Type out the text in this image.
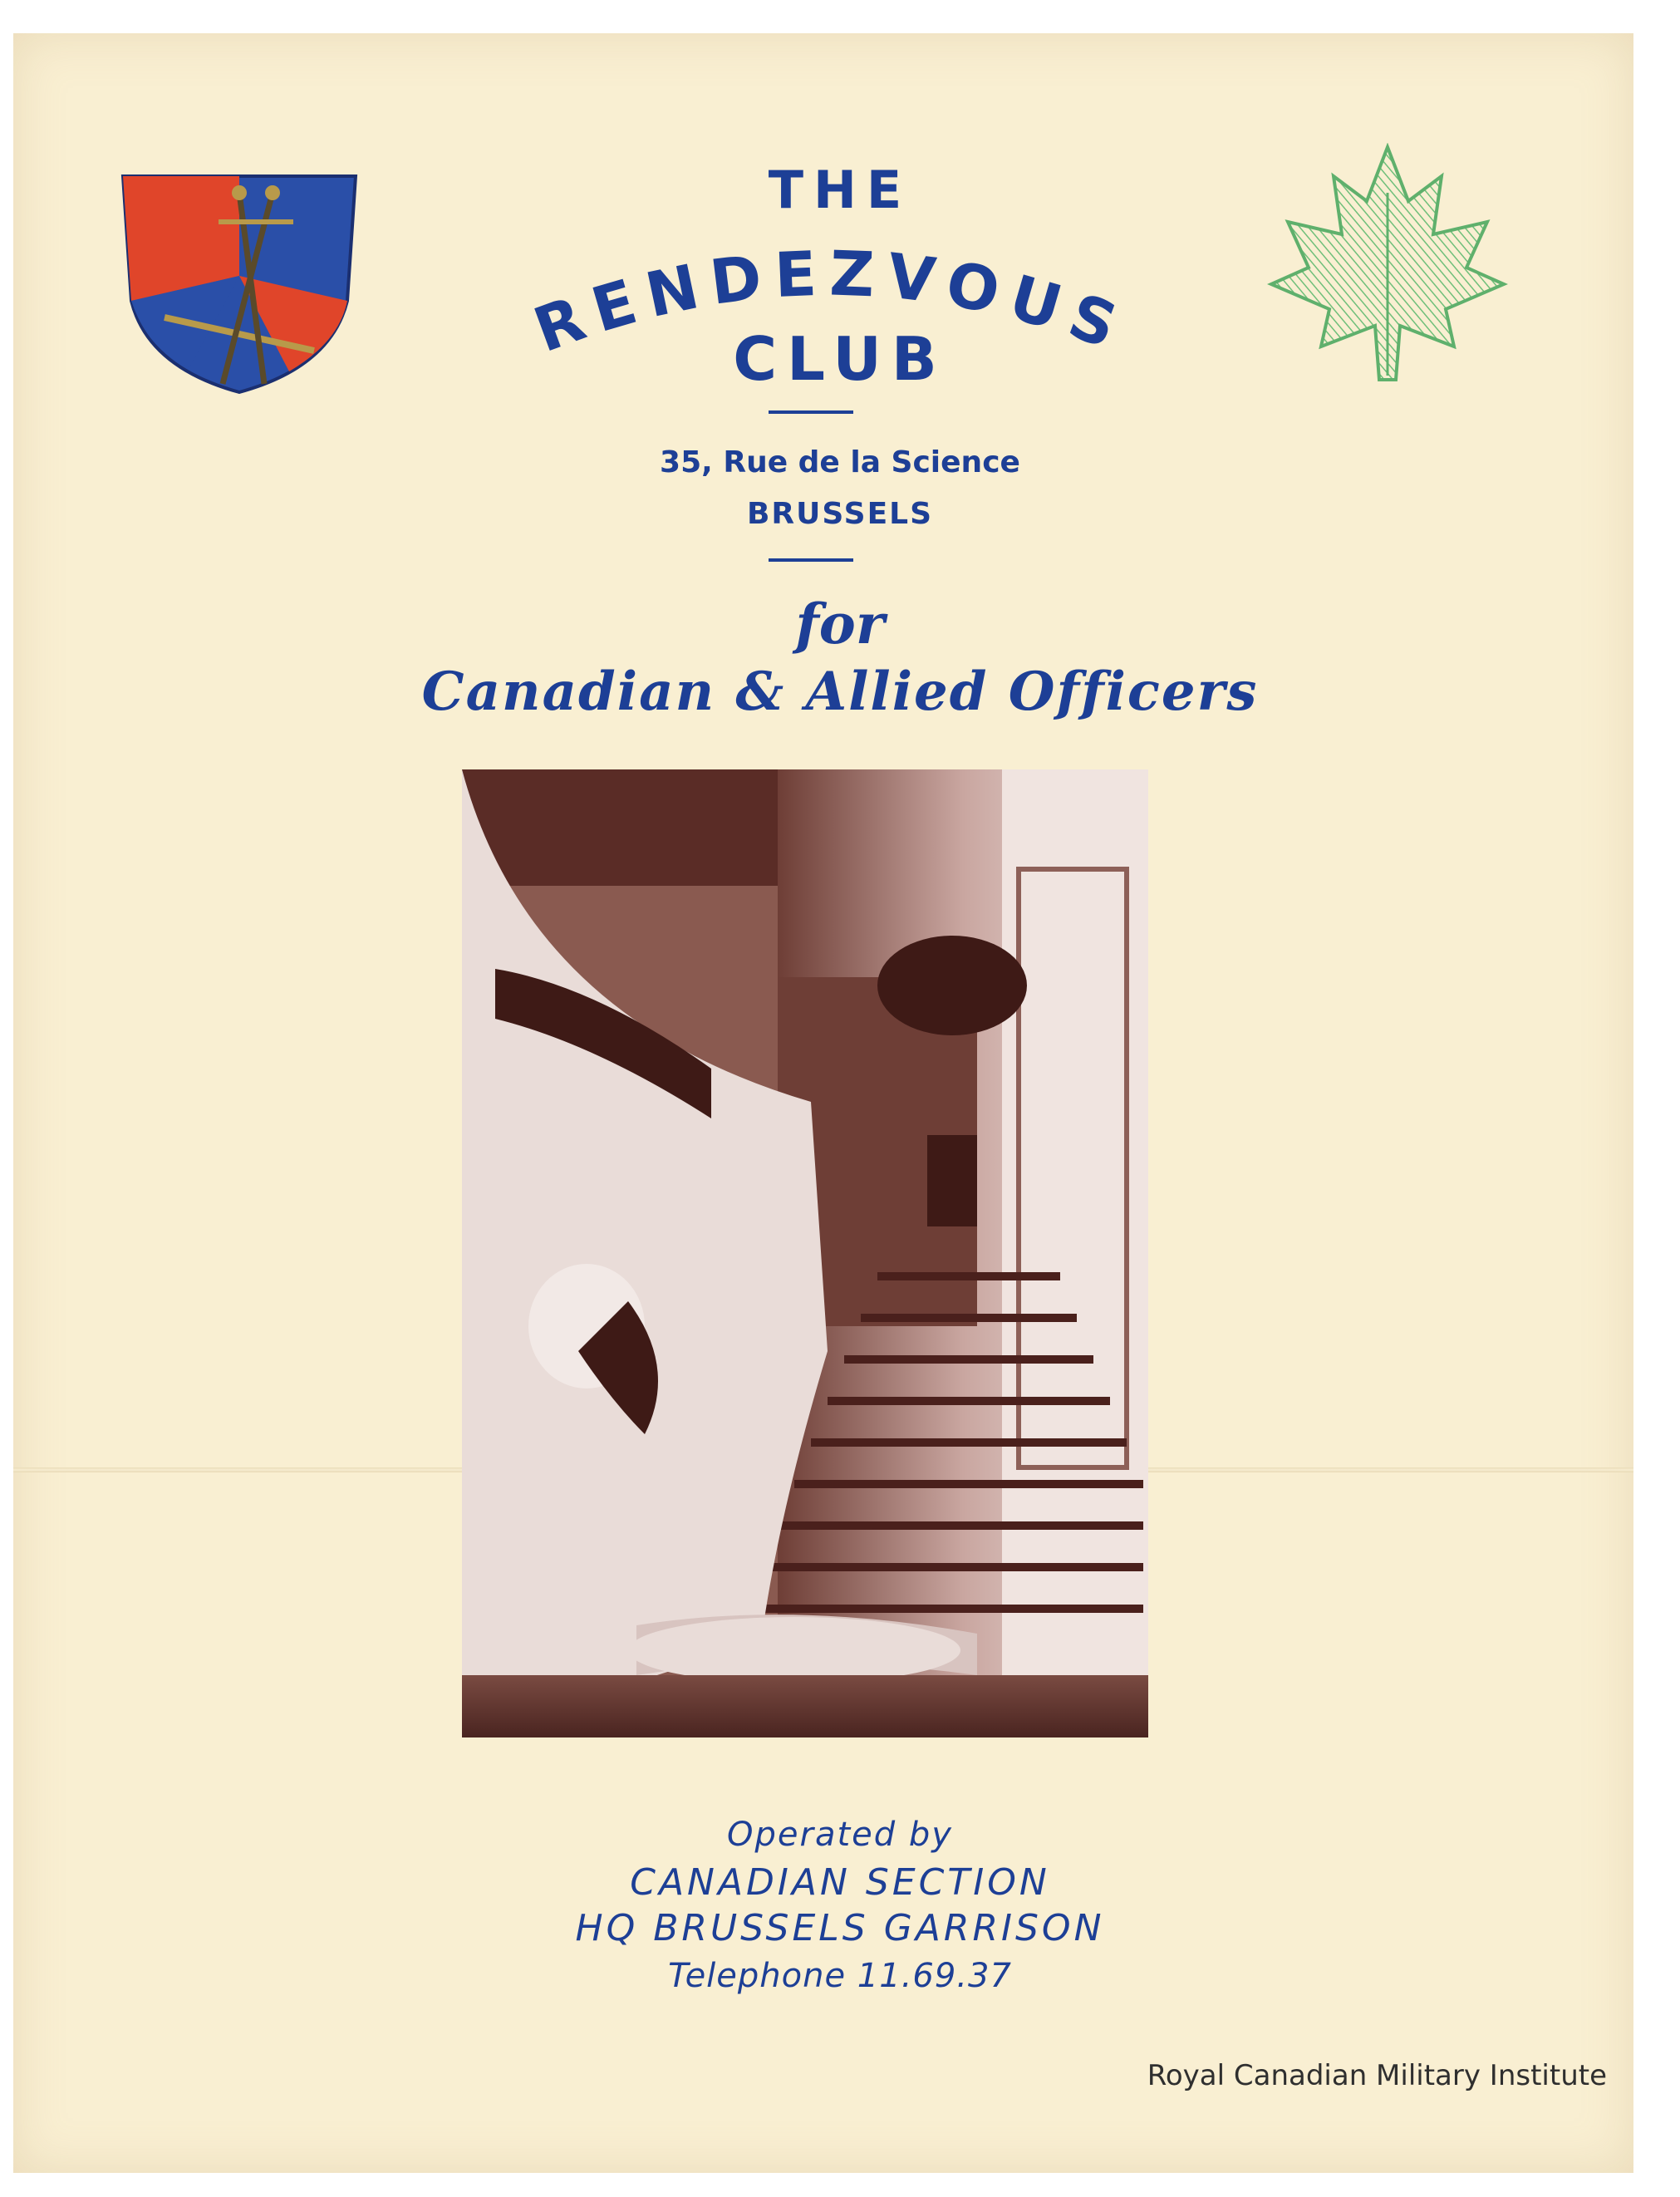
THE
RENDEZVOUS
CLUB
35, Rue de la Science
BRUSSELS
for
Canadian & Allied Officers
Operated by
CANADIAN SECTION
HQ BRUSSELS GARRISON
Telephone 11.69.37
Royal Canadian Military Institute
